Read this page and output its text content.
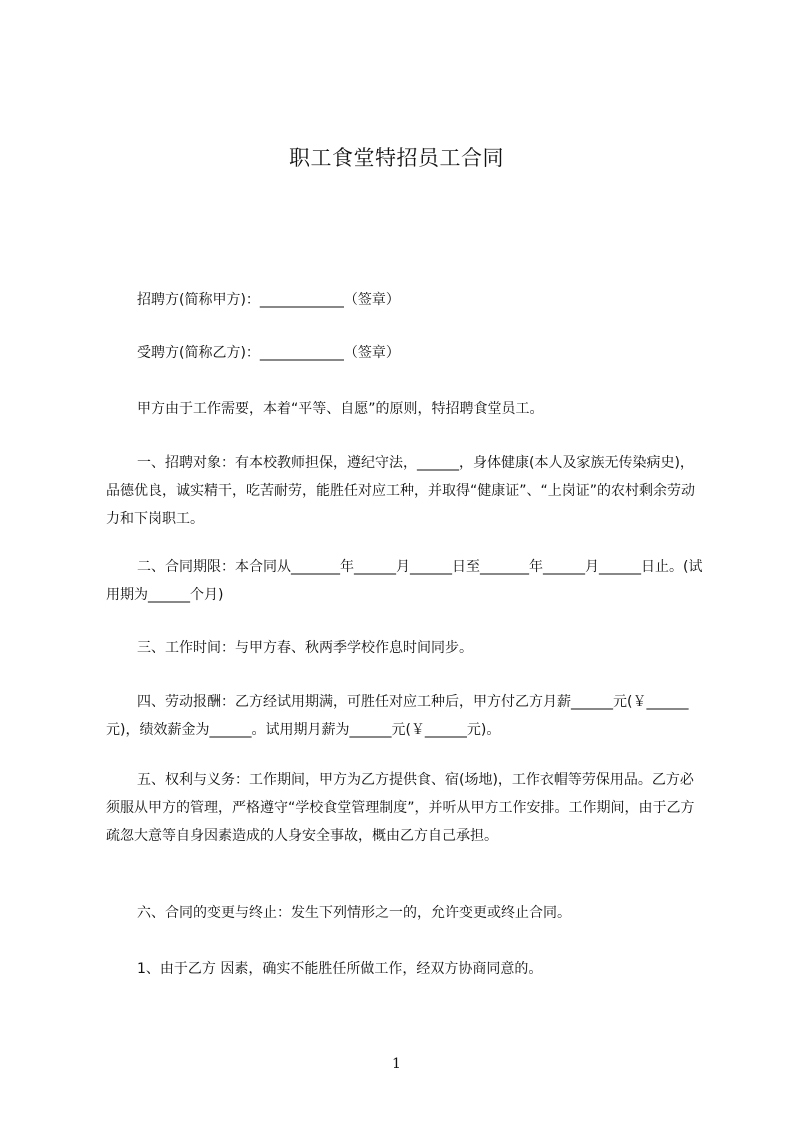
职工食堂特招员工合同
招聘方(简称甲方)：____________（签章）
受聘方(简称乙方)：____________（签章）
甲方由于工作需要，本着“平等、自愿”的原则，特招聘食堂员工。
一、招聘对象：有本校教师担保，遵纪守法，______，身体健康(本人及家族无传染病史)，品德优良，诚实精干，吃苦耐劳，能胜任对应工种，并取得“健康证”、“上岗证”的农村剩余劳动力和下岗职工。
二、合同期限：本合同从_______年______月______日至_______年______月______日止。(试用期为______个月)
三、工作时间：与甲方春、秋两季学校作息时间同步。
四、劳动报酬：乙方经试用期满，可胜任对应工种后，甲方付乙方月薪______元(￥______元)，绩效薪金为______。试用期月薪为______元(￥______元)。
五、权利与义务：工作期间，甲方为乙方提供食、宿(场地)，工作衣帽等劳保用品。乙方必须服从甲方的管理，严格遵守“学校食堂管理制度”，并听从甲方工作安排。工作期间，由于乙方疏忽大意等自身因素造成的人身安全事故，概由乙方自己承担。
六、合同的变更与终止：发生下列情形之一的，允许变更或终止合同。
1、由于乙方 因素，确实不能胜任所做工作，经双方协商同意的。
1
